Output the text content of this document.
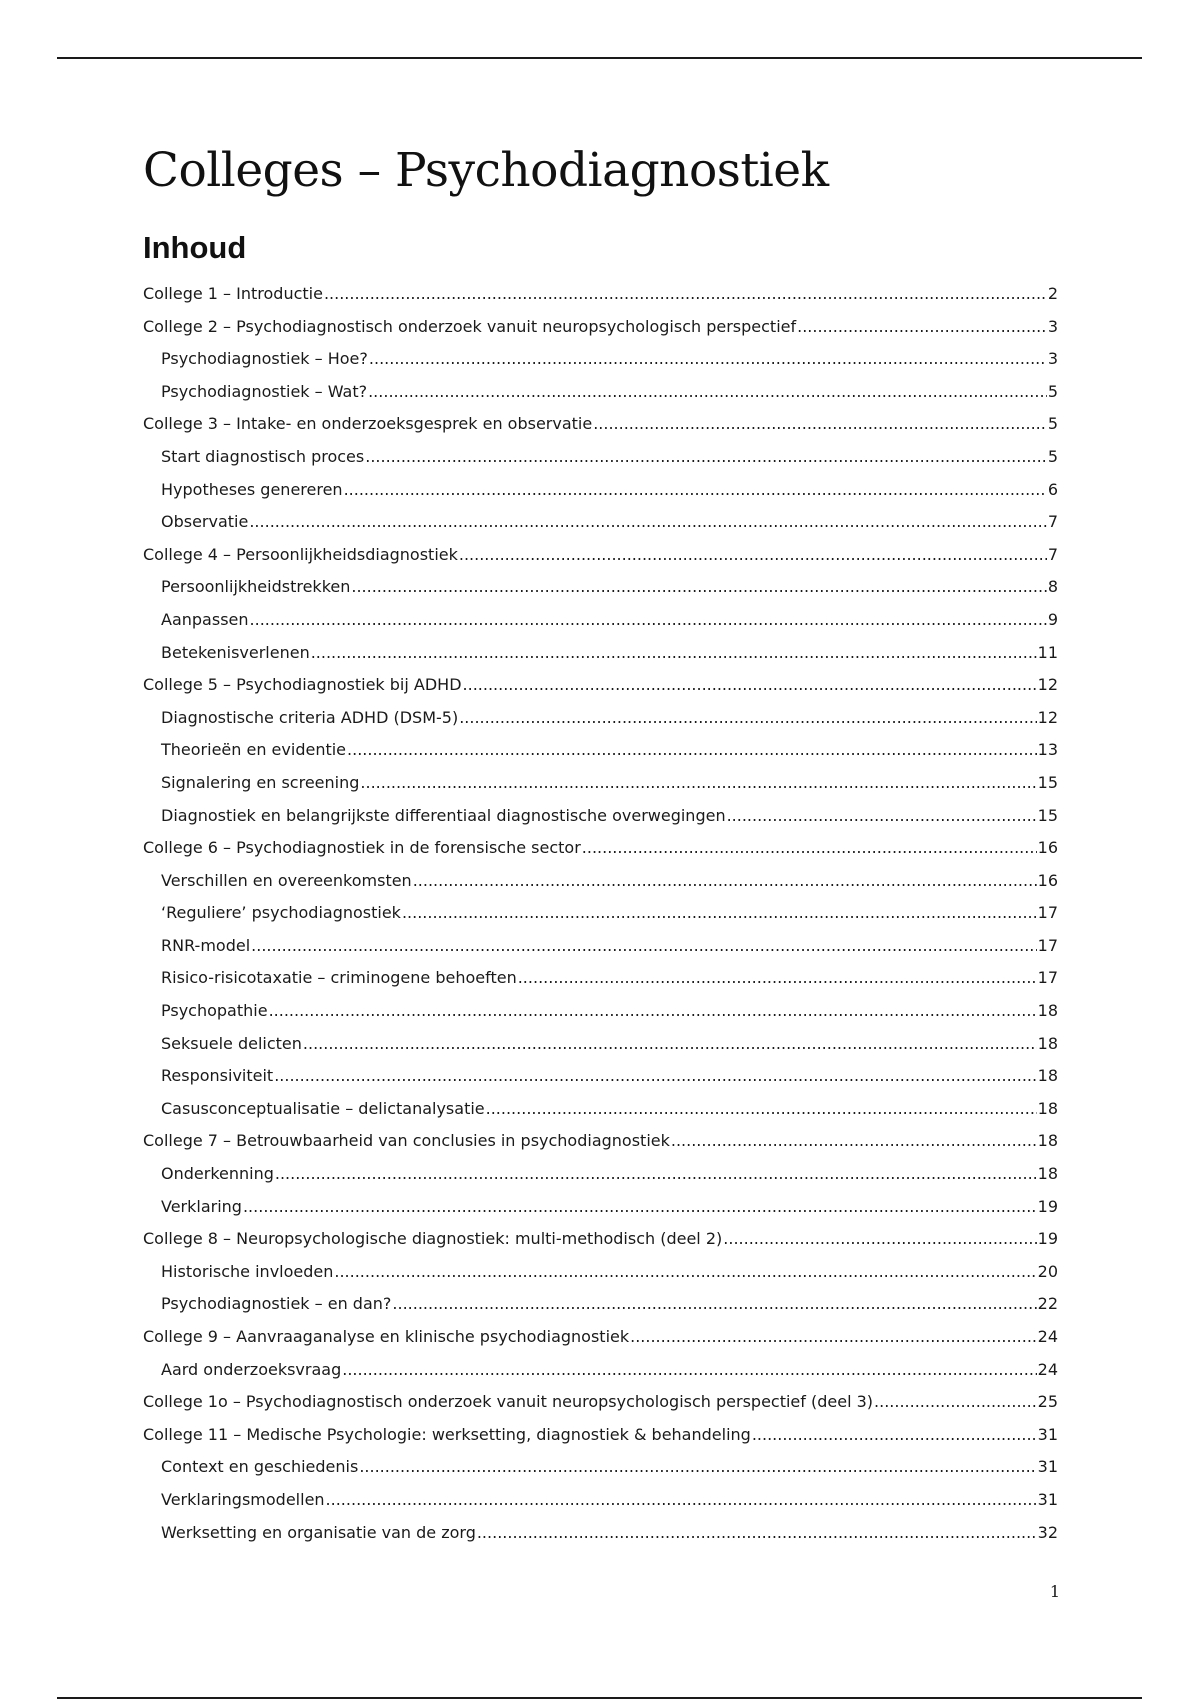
Colleges – Psychodiagnostiek
Inhoud
College 1 – Introductie .....	2
College 2 – Psychodiagnostisch onderzoek vanuit neuropsychologisch perspectief .....	3
Psychodiagnostiek – Hoe? .....	3
Psychodiagnostiek – Wat? .....	5
College 3 – Intake- en onderzoeksgesprek en observatie .....	5
Start diagnostisch proces .....	5
Hypotheses genereren .....	6
Observatie .....	7
College 4 – Persoonlijkheidsdiagnostiek .....	7
Persoonlijkheidstrekken .....	8
Aanpassen .....	9
Betekenisverlenen .....	11
College 5 – Psychodiagnostiek bij ADHD .....	12
Diagnostische criteria ADHD (DSM-5) .....	12
Theorieën en evidentie .....	13
Signalering en screening .....	15
Diagnostiek en belangrijkste differentiaal diagnostische overwegingen .....	15
College 6 – Psychodiagnostiek in de forensische sector .....	16
Verschillen en overeenkomsten .....	16
‘Reguliere’ psychodiagnostiek .....	17
RNR-model .....	17
Risico-risicotaxatie – criminogene behoeften .....	17
Psychopathie .....	18
Seksuele delicten .....	18
Responsiviteit .....	18
Casusconceptualisatie – delictanalysatie .....	18
College 7 – Betrouwbaarheid van conclusies in psychodiagnostiek .....	18
Onderkenning .....	18
Verklaring .....	19
College 8 – Neuropsychologische diagnostiek: multi-methodisch (deel 2) .....	19
Historische invloeden .....	20
Psychodiagnostiek – en dan? .....	22
College 9 – Aanvraaganalyse en klinische psychodiagnostiek .....	24
Aard onderzoeksvraag .....	24
College 1o – Psychodiagnostisch onderzoek vanuit neuropsychologisch perspectief (deel 3) .....	25
College 11 – Medische Psychologie: werksetting, diagnostiek & behandeling .....	31
Context en geschiedenis .....	31
Verklaringsmodellen .....	31
Werksetting en organisatie van de zorg .....	32
1
